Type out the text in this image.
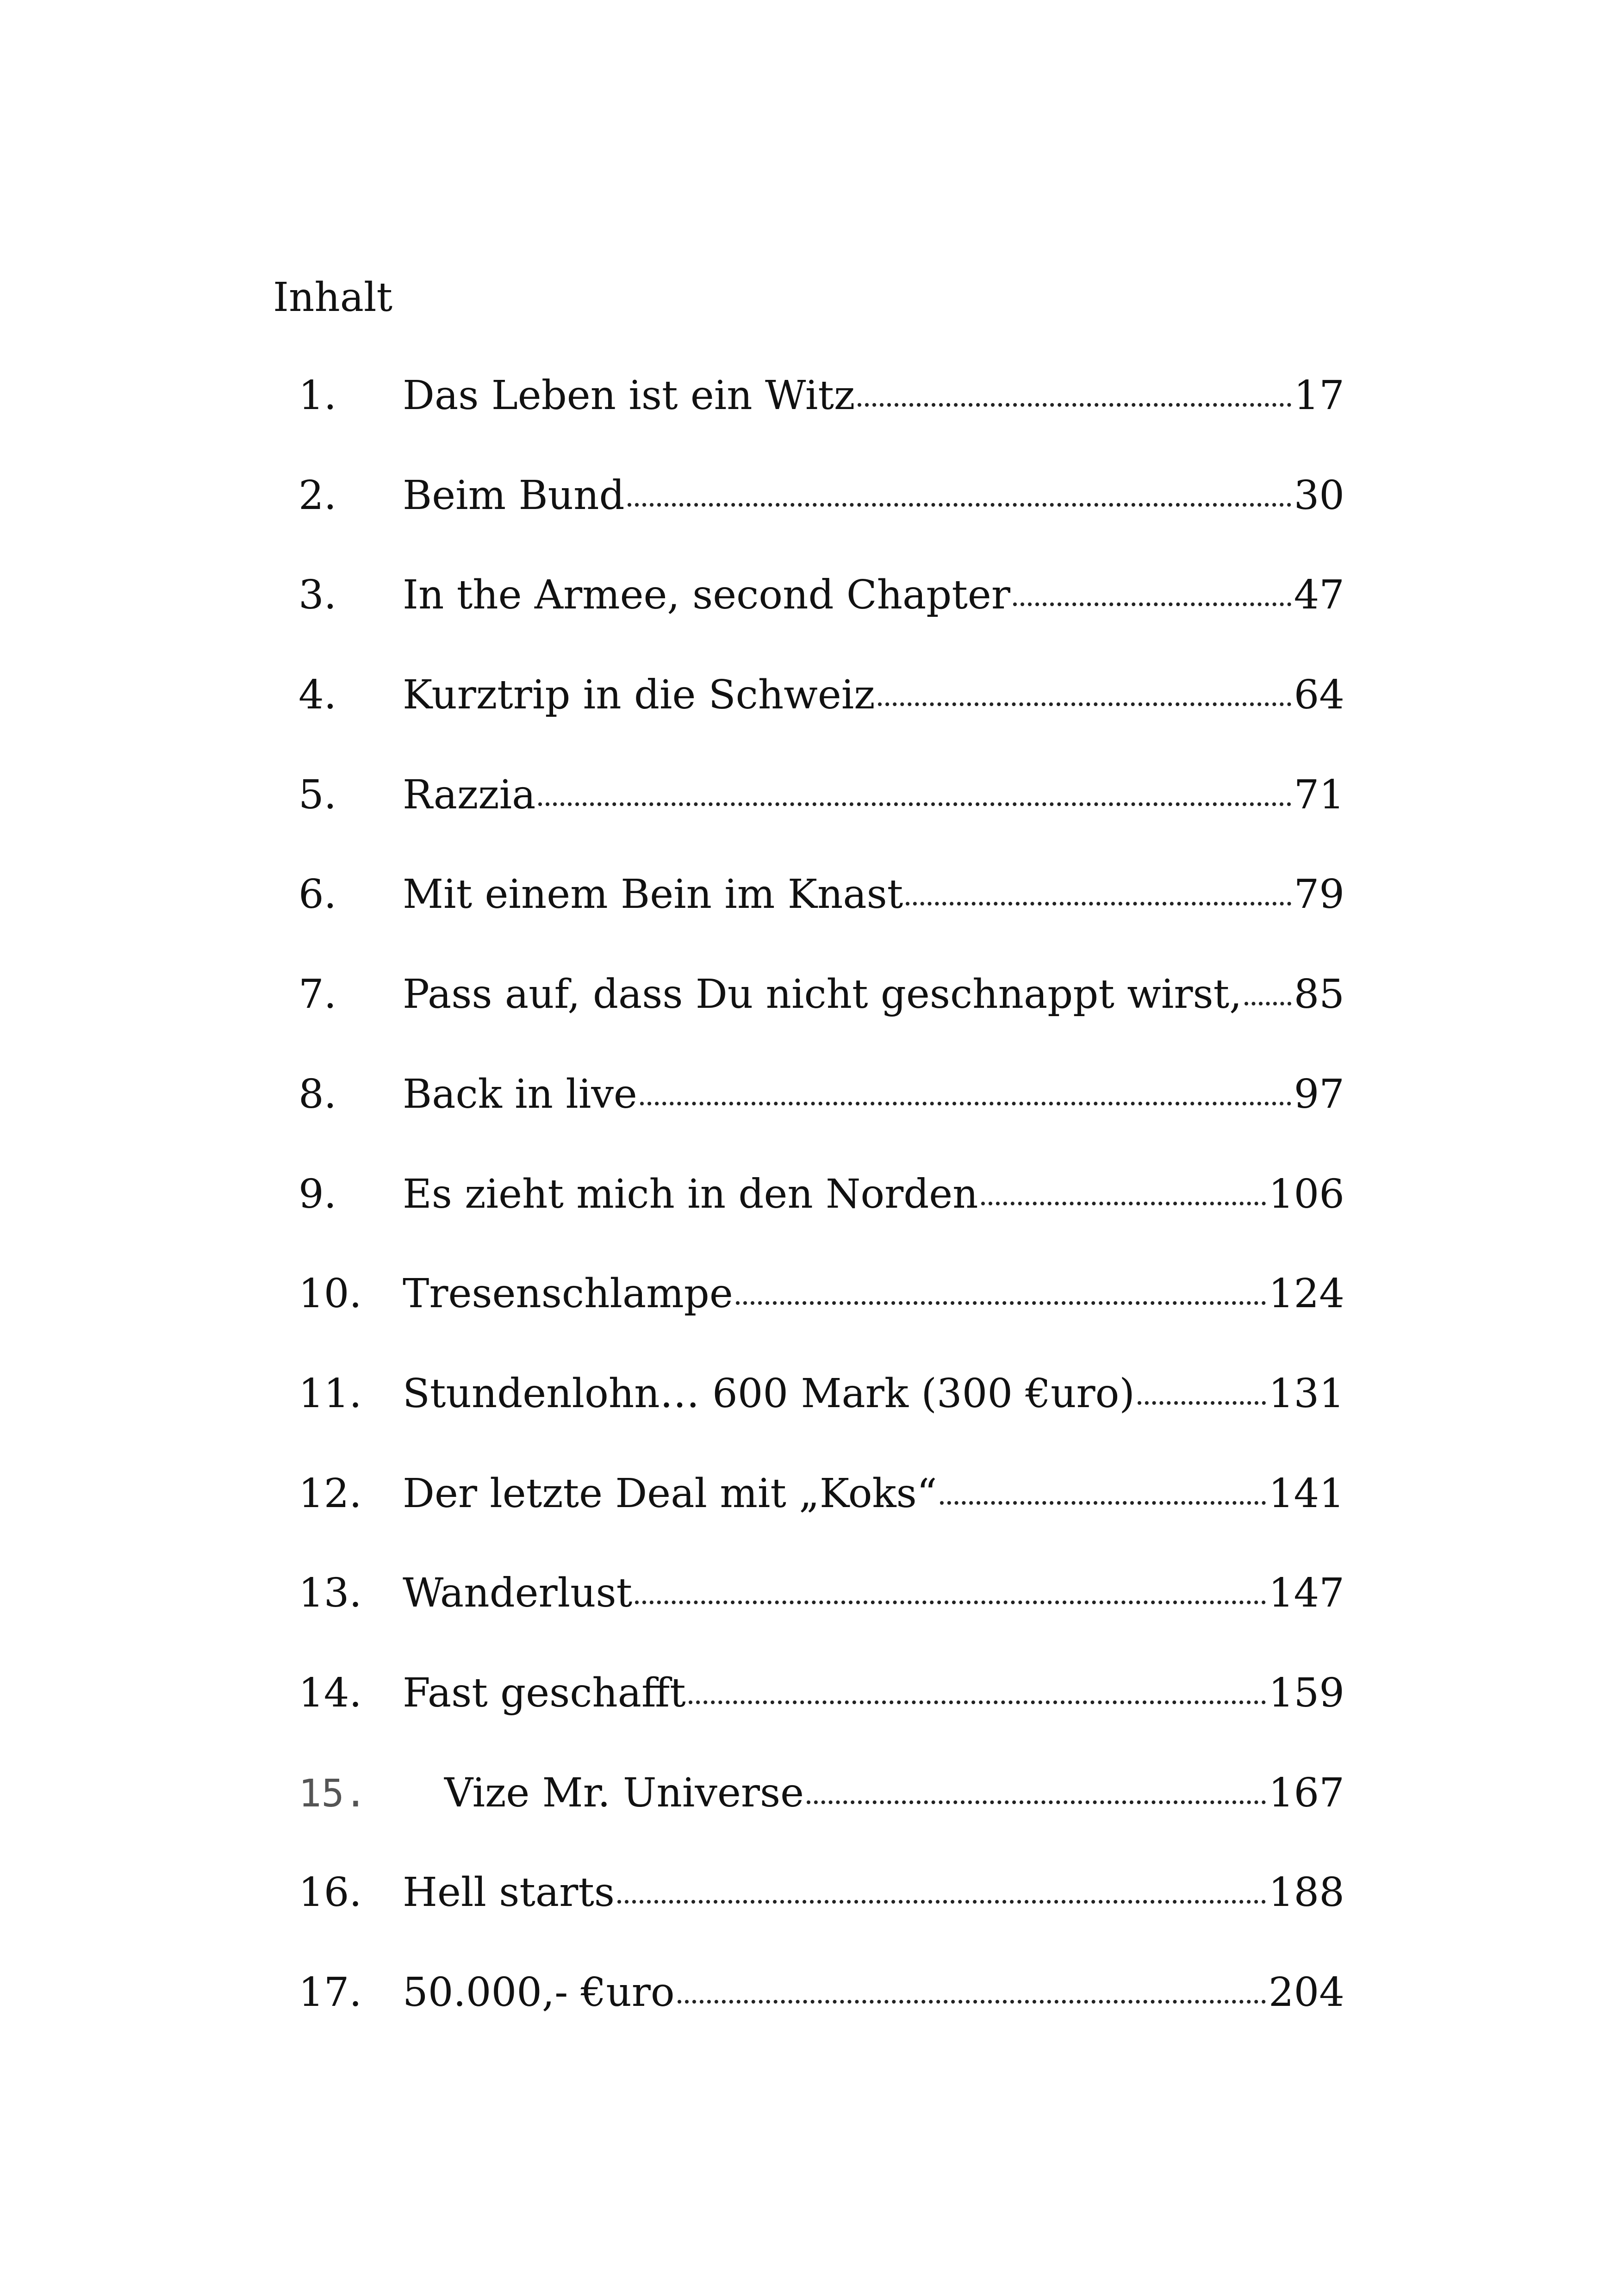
Inhalt
1.	Das Leben ist ein Witz	17
2.	Beim Bund	30
3.	In the Armee, second Chapter	47
4.	Kurztrip in die Schweiz	64
5.	Razzia	71
6.	Mit einem Bein im Knast	79
7.	Pass auf, dass Du nicht geschnappt wirst, 85
8.	Back in live	97
9.	Es zieht mich in den Norden	106
10.	Tresenschlampe	124
11.	Stundenlohn… 600 Mark (300 €uro)	131
12.	Der letzte Deal mit „Koks“	141
13.	Wanderlust	147
14.	Fast geschafft	159
15.	Vize Mr. Universe	167
16.	Hell starts	188
17.	50.000,- €uro	204
